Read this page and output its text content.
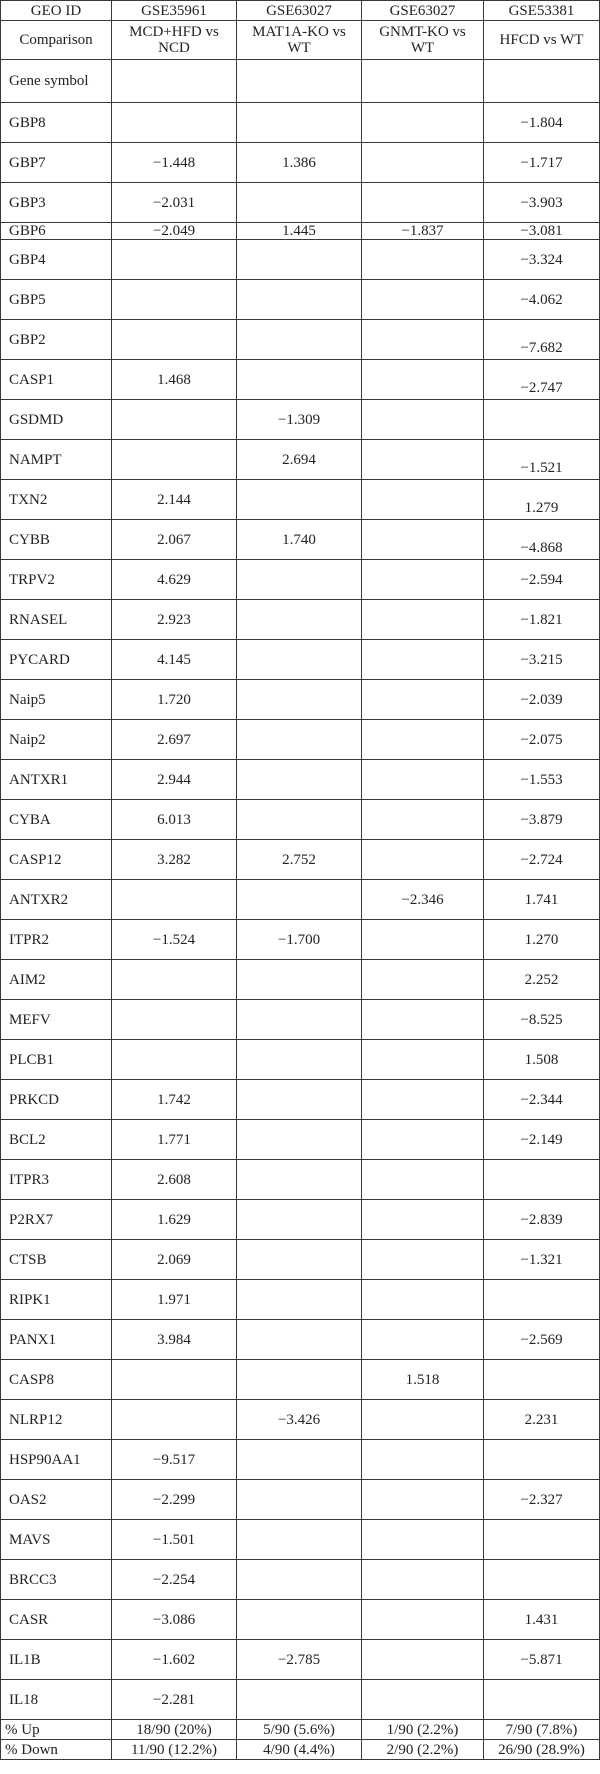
GEO ID	GSE35961	GSE63027	GSE63027	GSE53381
Comparison	MCD+HFD vs NCD	MAT1A-KO vs WT	GNMT-KO vs WT	HFCD vs WT
Gene symbol				
GBP8				−1.804
GBP7	−1.448	1.386		−1.717
GBP3	−2.031			−3.903
GBP6	−2.049	1.445	−1.837	−3.081
GBP4				−3.324
GBP5				−4.062
GBP2				−7.682
CASP1	1.468			−2.747
GSDMD		−1.309		
NAMPT		2.694		−1.521
TXN2	2.144			1.279
CYBB	2.067	1.740		−4.868
TRPV2	4.629			−2.594
RNASEL	2.923			−1.821
PYCARD	4.145			−3.215
Naip5	1.720			−2.039
Naip2	2.697			−2.075
ANTXR1	2.944			−1.553
CYBA	6.013			−3.879
CASP12	3.282	2.752		−2.724
ANTXR2			−2.346	1.741
ITPR2	−1.524	−1.700		1.270
AIM2				2.252
MEFV				−8.525
PLCB1				1.508
PRKCD	1.742			−2.344
BCL2	1.771			−2.149
ITPR3	2.608			
P2RX7	1.629			−2.839
CTSB	2.069			−1.321
RIPK1	1.971			
PANX1	3.984			−2.569
CASP8			1.518	
NLRP12		−3.426		2.231
HSP90AA1	−9.517			
OAS2	−2.299			−2.327
MAVS	−1.501			
BRCC3	−2.254			
CASR	−3.086			1.431
IL1B	−1.602	−2.785		−5.871
IL18	−2.281			
% Up	18/90 (20%)	5/90 (5.6%)	1/90 (2.2%)	7/90 (7.8%)
% Down	11/90 (12.2%)	4/90 (4.4%)	2/90 (2.2%)	26/90 (28.9%)
